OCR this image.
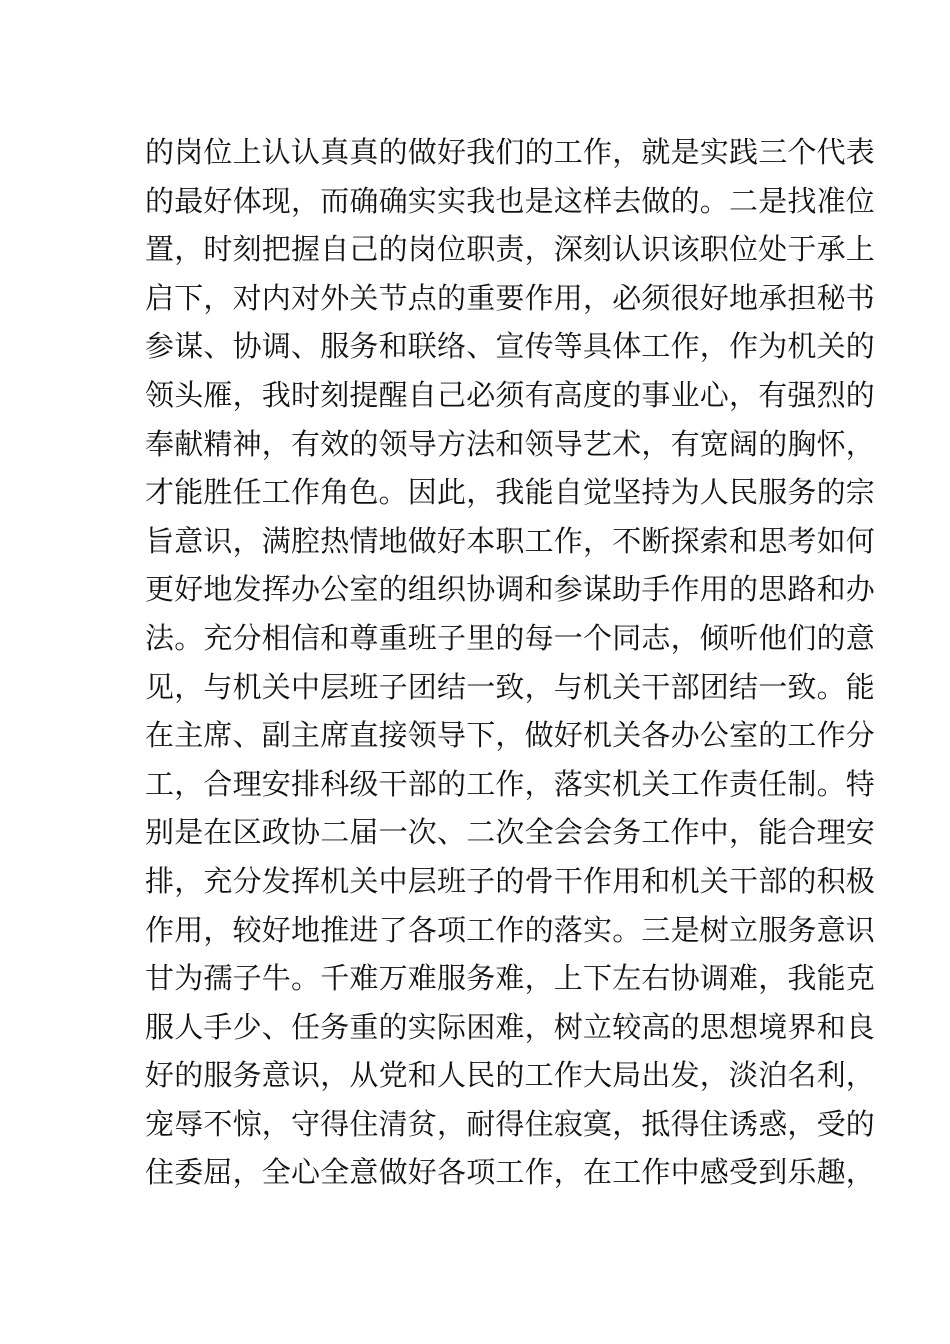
的岗位上认认真真的做好我们的工作，就是实践三个代表
的最好体现，而确确实实我也是这样去做的。二是找准位
置，时刻把握自己的岗位职责，深刻认识该职位处于承上
启下，对内对外关节点的重要作用，必须很好地承担秘书
参谋、协调、服务和联络、宣传等具体工作，作为机关的
领头雁，我时刻提醒自己必须有高度的事业心，有强烈的
奉献精神，有效的领导方法和领导艺术，有宽阔的胸怀，
才能胜任工作角色。因此，我能自觉坚持为人民服务的宗
旨意识，满腔热情地做好本职工作，不断探索和思考如何
更好地发挥办公室的组织协调和参谋助手作用的思路和办
法。充分相信和尊重班子里的每一个同志，倾听他们的意
见，与机关中层班子团结一致，与机关干部团结一致。能
在主席、副主席直接领导下，做好机关各办公室的工作分
工，合理安排科级干部的工作，落实机关工作责任制。特
别是在区政协二届一次、二次全会会务工作中，能合理安
排，充分发挥机关中层班子的骨干作用和机关干部的积极
作用，较好地推进了各项工作的落实。三是树立服务意识
甘为孺子牛。千难万难服务难，上下左右协调难，我能克
服人手少、任务重的实际困难，树立较高的思想境界和良
好的服务意识，从党和人民的工作大局出发，淡泊名利，
宠辱不惊，守得住清贫，耐得住寂寞，抵得住诱惑，受的
住委屈，全心全意做好各项工作，在工作中感受到乐趣，
